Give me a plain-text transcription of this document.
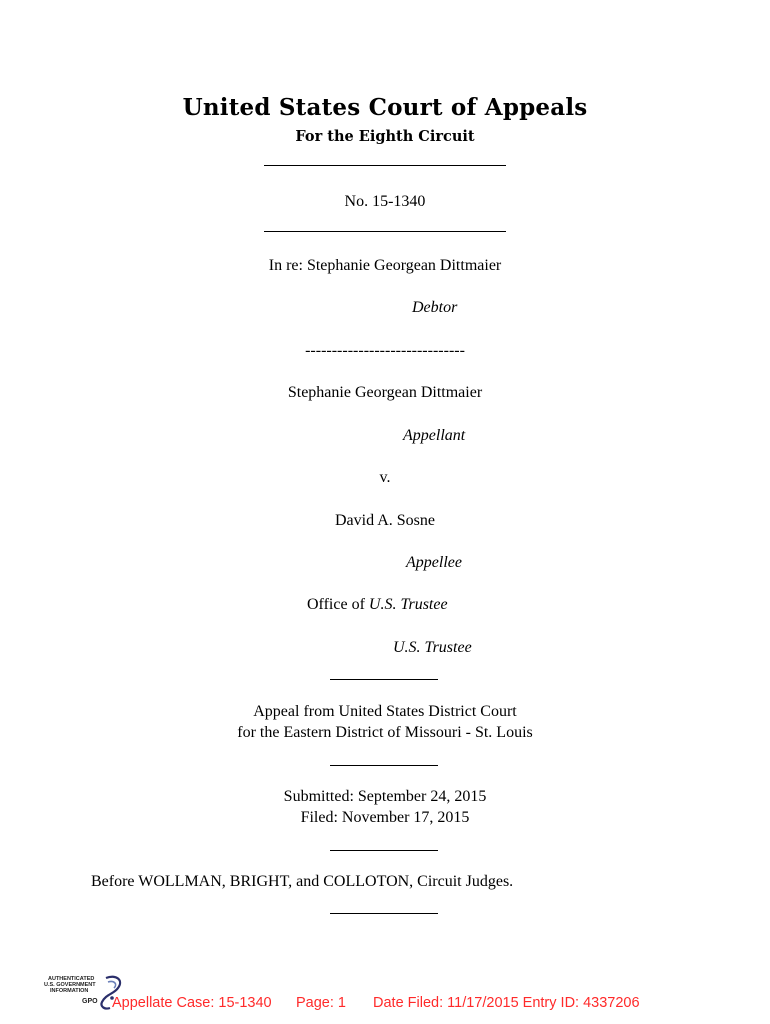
United States Court of Appeals
For the Eighth Circuit
No. 15-1340
In re: Stephanie Georgean Dittmaier
Debtor
------------------------------
Stephanie Georgean Dittmaier
Appellant
v.
David A. Sosne
Appellee
Office of U.S. Trustee
U.S. Trustee
Appeal from United States District Court
for the Eastern District of Missouri - St. Louis
Submitted: September 24, 2015
Filed: November 17, 2015
Before WOLLMAN, BRIGHT, and COLLOTON, Circuit Judges.
AUTHENTICATED
U.S. GOVERNMENT
INFORMATION
GPO Appellate Case: 15-1340 Page: 1 Date Filed: 11/17/2015 Entry ID: 4337206
